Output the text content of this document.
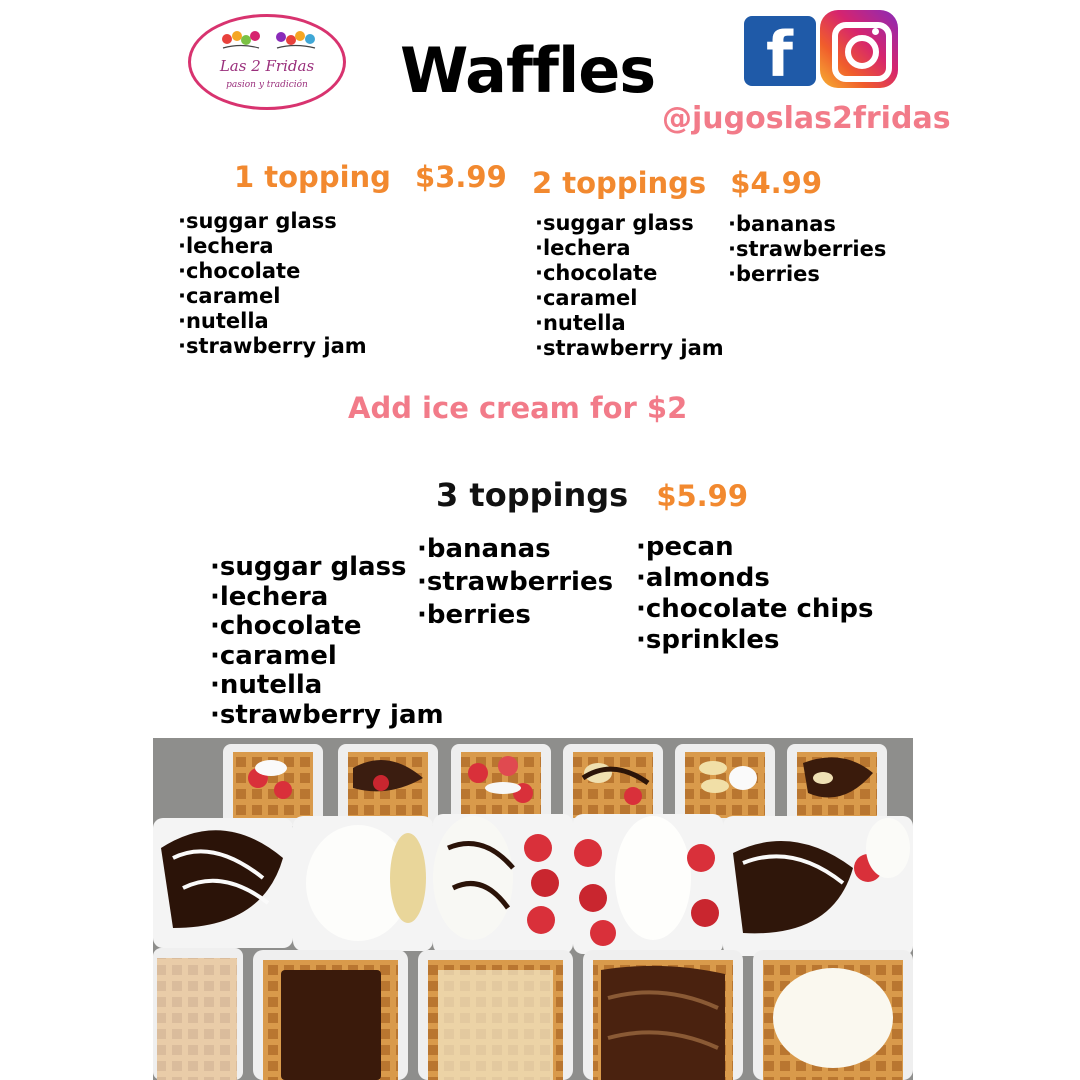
Las 2 Fridas
pasion y tradición	Waffles f
@jugoslas2fridas
1 topping $3.99
·suggar glass
·lechera
·chocolate
·caramel
·nutella
·strawberry jam
2 toppings $4.99
·suggar glass
·lechera
·chocolate
·caramel
·nutella
·strawberry jam
·bananas
·strawberries
·berries
Add ice cream for $2
3 toppings $5.99
·suggar glass
·lechera
·chocolate
·caramel
·nutella
·strawberry jam
·bananas
·strawberries
·berries
·pecan
·almonds
·chocolate chips
·sprinkles
